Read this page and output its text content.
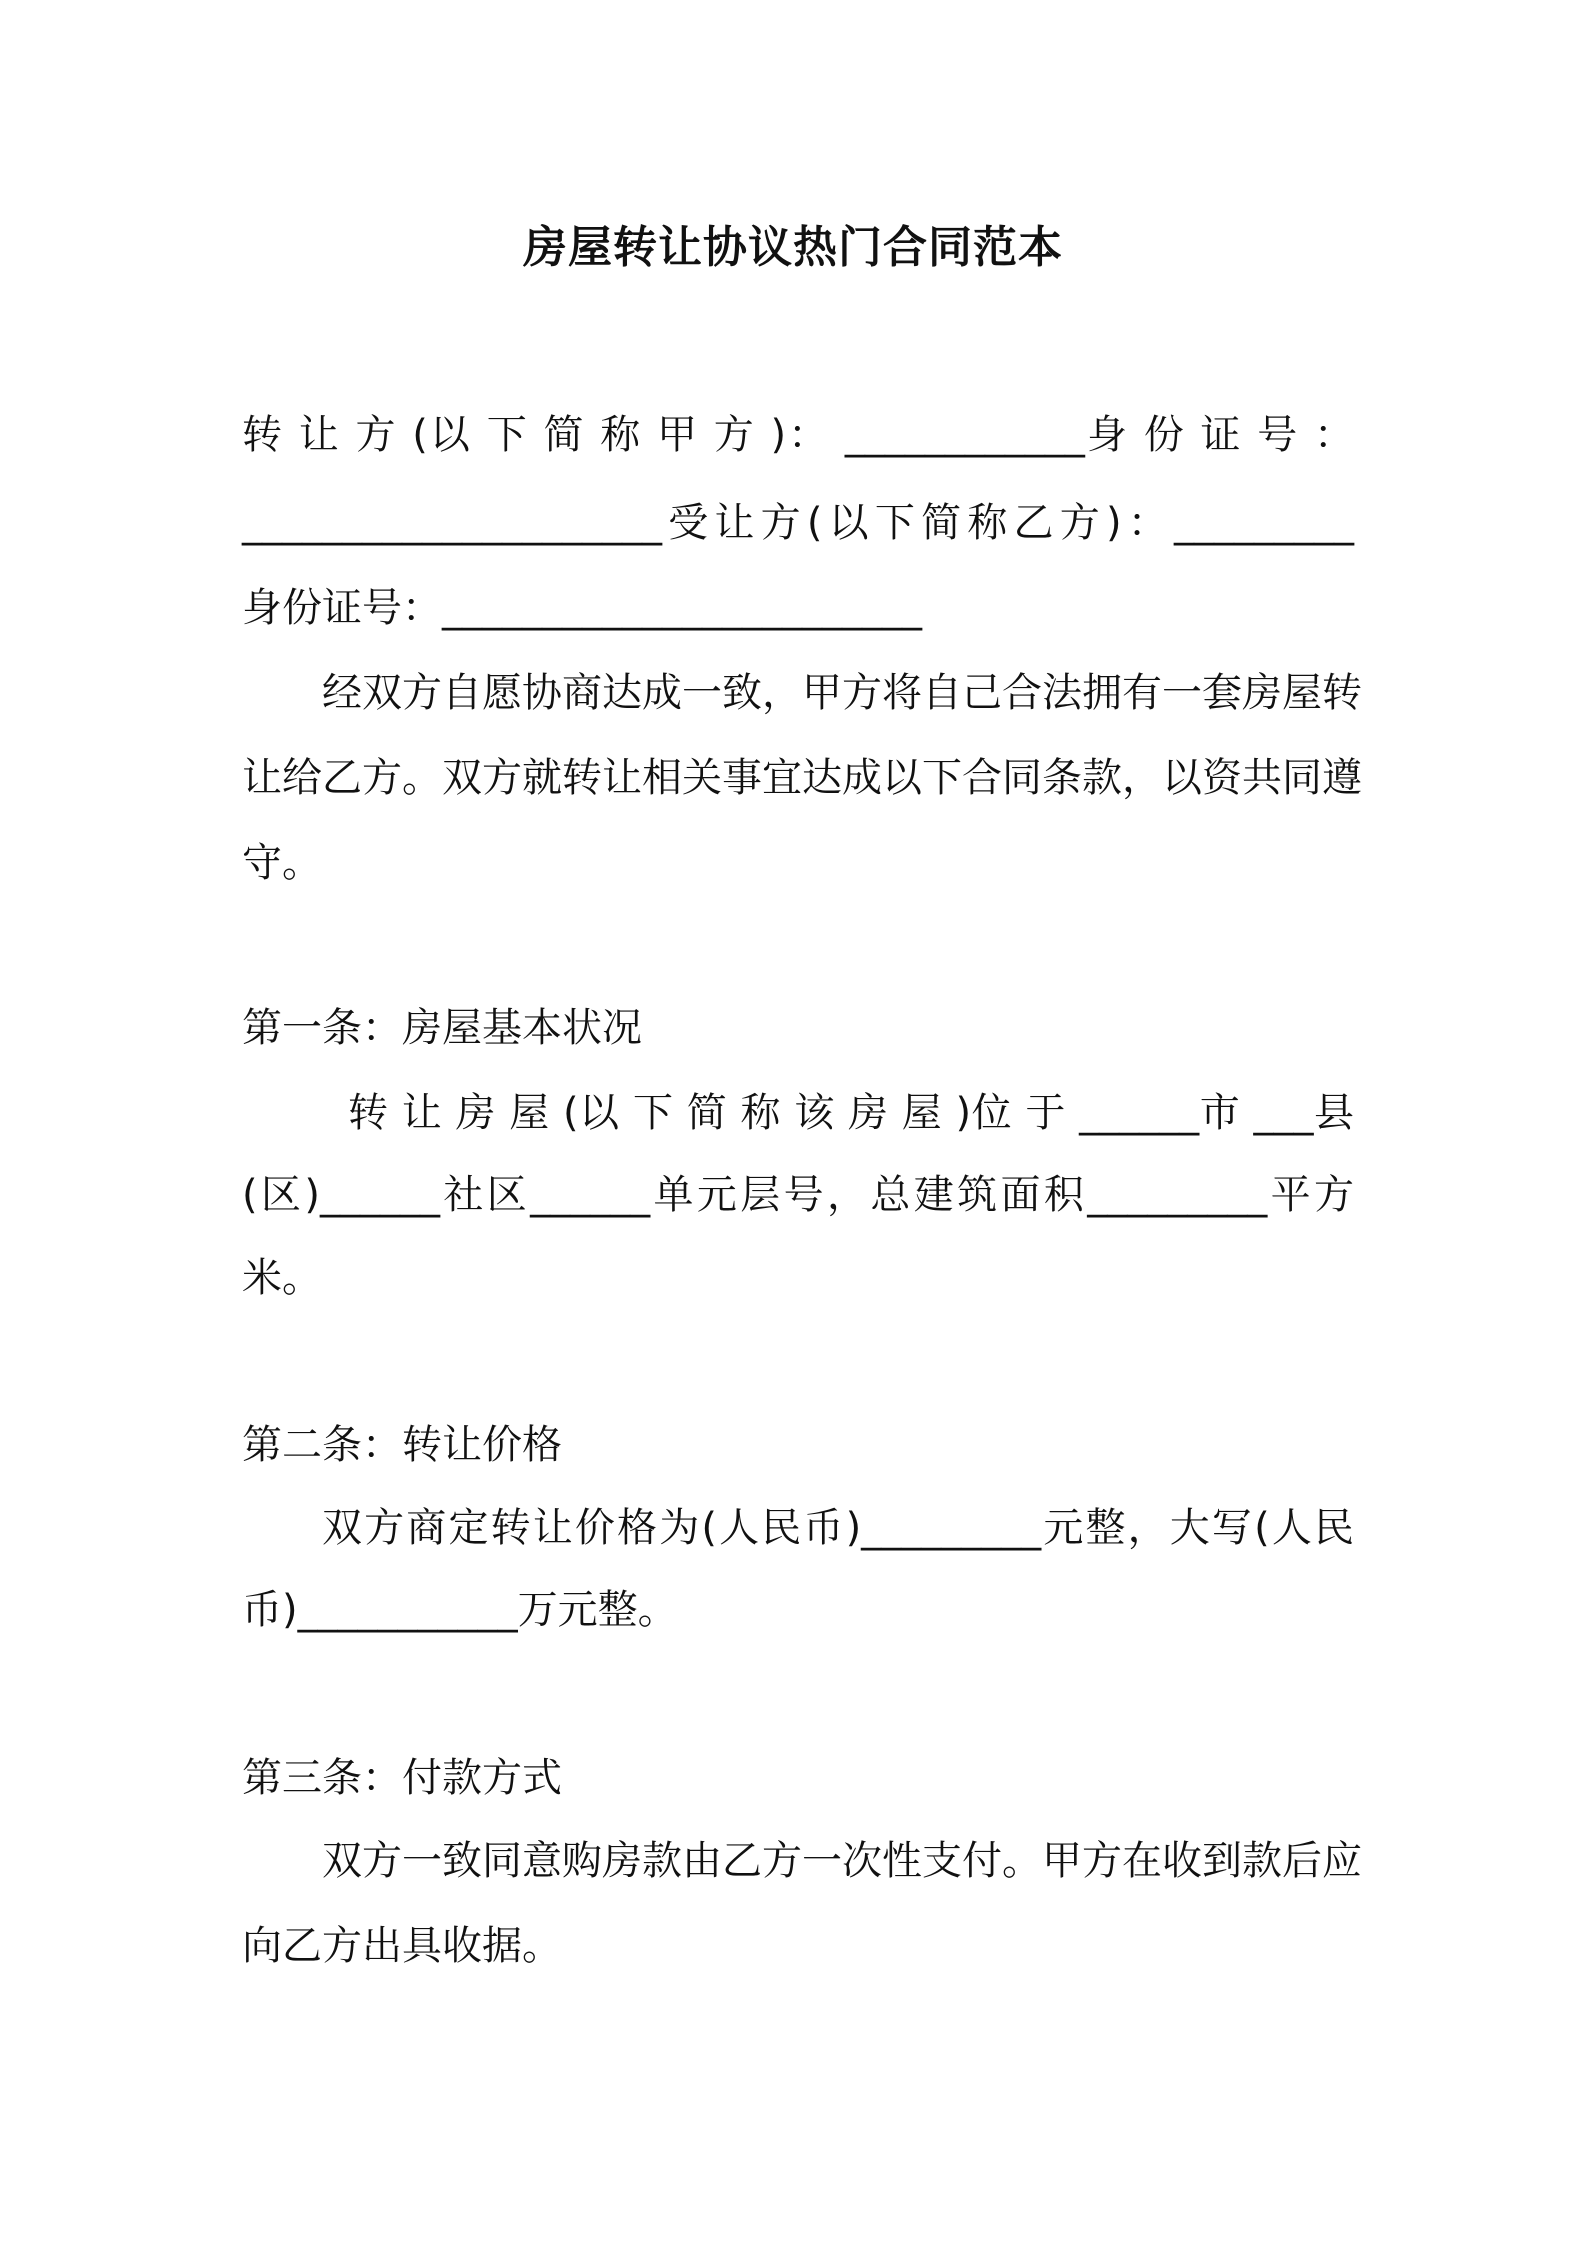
房屋转让协议热门合同范本
转 让 方 (以 下 简 称 甲 方 )： ____________身 份 证 号 ：
_____________________受让方(以下简称乙方)：_________
身份证号：________________________
经双方自愿协商达成一致，甲方将自己合法拥有一套房屋转
让给乙方。双方就转让相关事宜达成以下合同条款，以资共同遵
守。
第一条：房屋基本状况
转 让 房 屋 (以 下 简 称 该 房 屋 )位 于 ______市 ___县
(区)______社区______单元层号，总建筑面积_________平方
米。
第二条：转让价格
双方商定转让价格为(人民币)_________元整，大写(人民
币)___________万元整。
第三条：付款方式
双方一致同意购房款由乙方一次性支付。甲方在收到款后应
向乙方出具收据。
